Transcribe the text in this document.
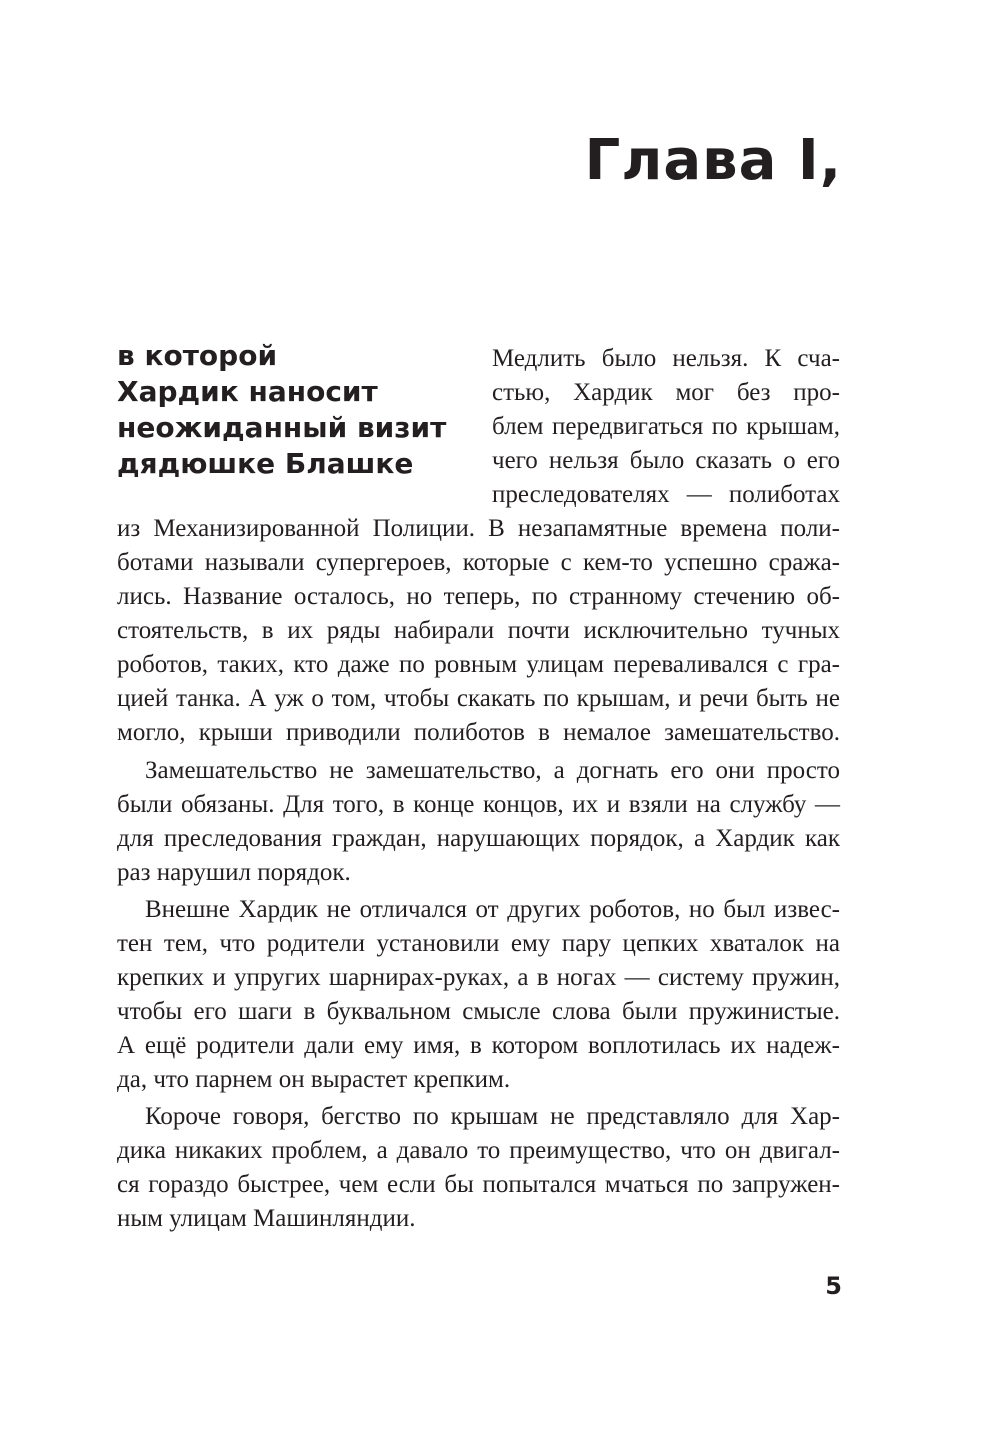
Глава I,
в которой
Хардик наносит
неожиданный визит
дядюшке Блашке
Медлить было нельзя. К сча-
стью, Хардик мог без про-
блем передвигаться по крышам,
чего нельзя было сказать о его
преследователях — полиботах
из Механизированной Полиции. В незапамятные времена поли-
ботами называли супергероев, которые с кем-то успешно сража-
лись. Название осталось, но теперь, по странному стечению об-
стоятельств, в их ряды набирали почти исключительно тучных
роботов, таких, кто даже по ровным улицам переваливался с гра-
цией танка. А уж о том, чтобы скакать по крышам, и речи быть не
могло, крыши приводили полиботов в немалое замешательство.
Замешательство не замешательство, а догнать его они просто
были обязаны. Для того, в конце концов, их и взяли на службу —
для преследования граждан, нарушающих порядок, а Хардик как
раз нарушил порядок.
Внешне Хардик не отличался от других роботов, но был извес-
тен тем, что родители установили ему пару цепких хваталок на
крепких и упругих шарнирах-руках, а в ногах — систему пружин,
чтобы его шаги в буквальном смысле слова были пружинистые.
А ещё родители дали ему имя, в котором воплотилась их надеж-
да, что парнем он вырастет крепким.
Короче говоря, бегство по крышам не представляло для Хар-
дика никаких проблем, а давало то преимущество, что он двигал-
ся гораздо быстрее, чем если бы попытался мчаться по запружен-
ным улицам Машинляндии.
5
